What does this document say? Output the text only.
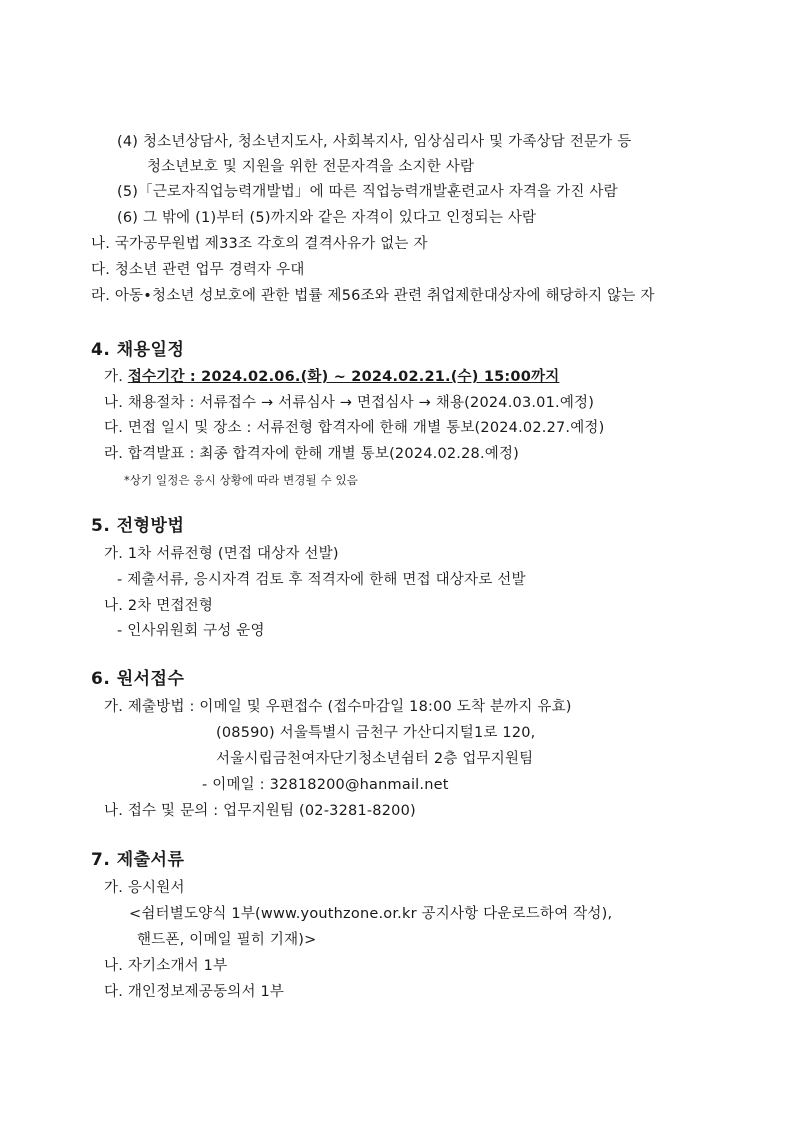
(4) 청소년상담사, 청소년지도사, 사회복지사, 임상심리사 및 가족상담 전문가 등
청소년보호 및 지원을 위한 전문자격을 소지한 사람
(5)「근로자직업능력개발법」에 따른 직업능력개발훈련교사 자격을 가진 사람
(6) 그 밖에 (1)부터 (5)까지와 같은 자격이 있다고 인정되는 사람
나. 국가공무원법 제33조 각호의 결격사유가 없는 자
다. 청소년 관련 업무 경력자 우대
라. 아동•청소년 성보호에 관한 법률 제56조와 관련 취업제한대상자에 해당하지 않는 자
4. 채용일정
가. 접수기간 : 2024.02.06.(화) ~ 2024.02.21.(수) 15:00까지
나. 채용절차 : 서류접수 → 서류심사 → 면접심사 → 채용(2024.03.01.예정)
다. 면접 일시 및 장소 : 서류전형 합격자에 한해 개별 통보(2024.02.27.예정)
라. 합격발표 : 최종 합격자에 한해 개별 통보(2024.02.28.예정)
*상기 일정은 응시 상황에 따라 변경될 수 있음
5. 전형방법
가. 1차 서류전형 (면접 대상자 선발)
- 제출서류, 응시자격 검토 후 적격자에 한해 면접 대상자로 선발
나. 2차 면접전형
- 인사위원회 구성 운영
6. 원서접수
가. 제출방법 : 이메일 및 우편접수 (접수마감일 18:00 도착 분까지 유효)
(08590) 서울특별시 금천구 가산디지털1로 120,
서울시립금천여자단기청소년쉼터 2층 업무지원팀
- 이메일 : 32818200@hanmail.net
나. 접수 및 문의 : 업무지원팀 (02-3281-8200)
7. 제출서류
가. 응시원서
<쉼터별도양식 1부(www.youthzone.or.kr 공지사항 다운로드하여 작성),
핸드폰, 이메일 필히 기재)>
나. 자기소개서 1부
다. 개인정보제공동의서 1부
